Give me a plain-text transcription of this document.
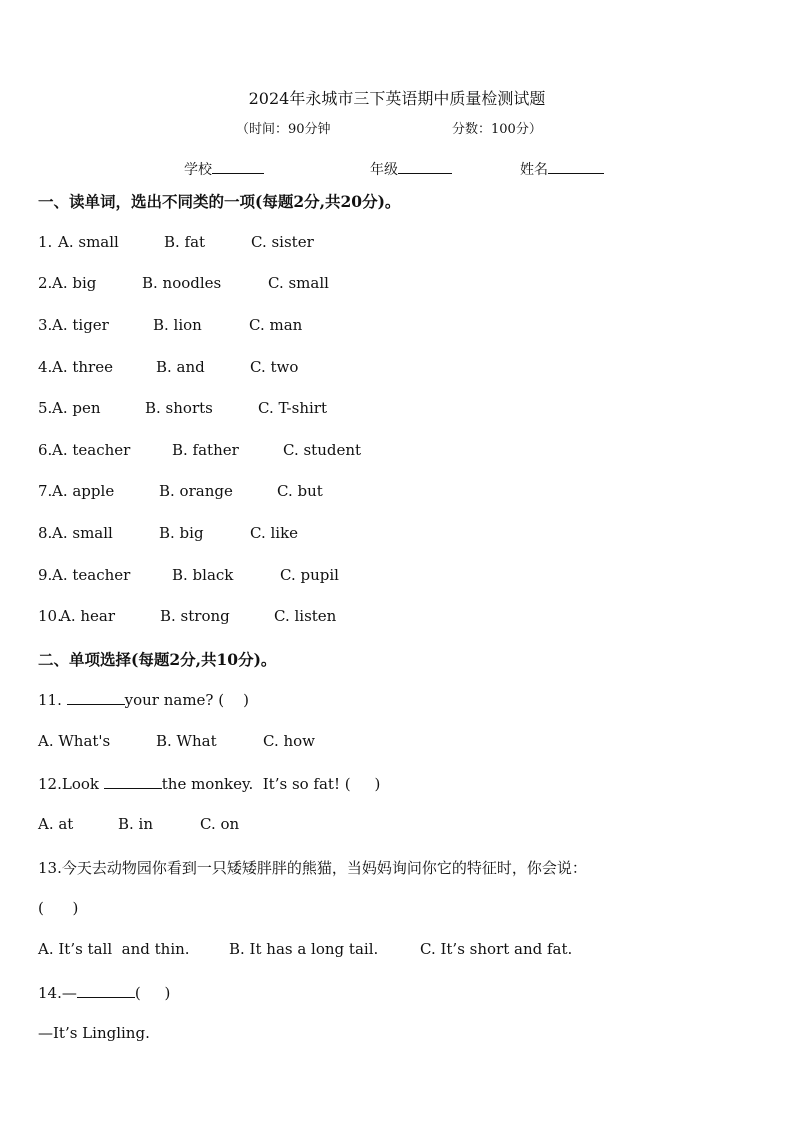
2024年永城市三下英语期中质量检测试题
（时间：90分钟	分数：100分）
学校	年级	姓名
一、读单词，选出不同类的一项(每题2分,共20分)。
1. A. small	B. fat	C. sister
2. A. big	B. noodles	C. small
3. A. tiger	B. lion	C. man
4. A. three	B. and	C. two
5. A. pen	B. shorts	C. T-shirt
6. A. teacher	B. father	C. student
7. A. apple	B. orange	C. but
8. A. small	B. big	C. like
9. A. teacher	B. black	C. pupil
10.
A. hear	B. strong	C. listen
二、单项选择(每题2分,共10分)。
11.	your name? (    )
A. What's	B. What	C. how
12.Look	the monkey.  It’s so fat! (     )
A. at	B. in	C. on
13.今天去动物园你看到一只矮矮胖胖的熊猫，当妈妈询问你它的特征时，你会说：
(      )
A. It’s tall  and thin.	B. It has a long tail.	C. It’s short and fat.
14.—	(     )
—It’s Lingling.
